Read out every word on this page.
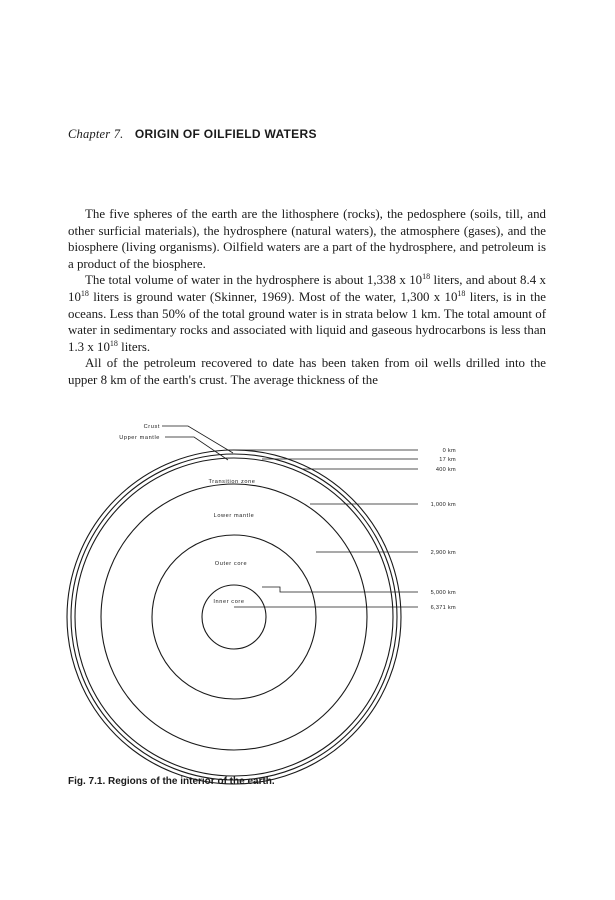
Chapter 7. ORIGIN OF OILFIELD WATERS

The five spheres of the earth are the lithosphere (rocks), the pedosphere (soils, till, and other surficial materials), the hydrosphere (natural waters), the atmosphere (gases), and the biosphere (living organisms). Oilfield waters are a part of the hydrosphere, and petroleum is a product of the biosphere.

The total volume of water in the hydrosphere is about 1,338 x $10^{18}$ liters, and about 8.4 x $10^{18}$ liters is ground water (Skinner, 1969). Most of the water, 1,300 x $10^{18}$ liters, is in the oceans. Less than 50% of the total ground water is in strata below 1 km. The total amount of water in sedimentary rocks and associated with liquid and gaseous hydrocarbons is less than 1.3 x $10^{18}$ liters.

All of the petroleum recovered to date has been taken from oil wells drilled into the upper 8 km of the earth's crust. The average thickness of the

Crust
Upper mantle
Transition zone
Lower mantle
Outer core
Inner core
0 km
17 km
400 km
1,000 km
2,900 km
5,000 km
6,371 km
Fig. 7.1. Regions of the interior of the earth.
